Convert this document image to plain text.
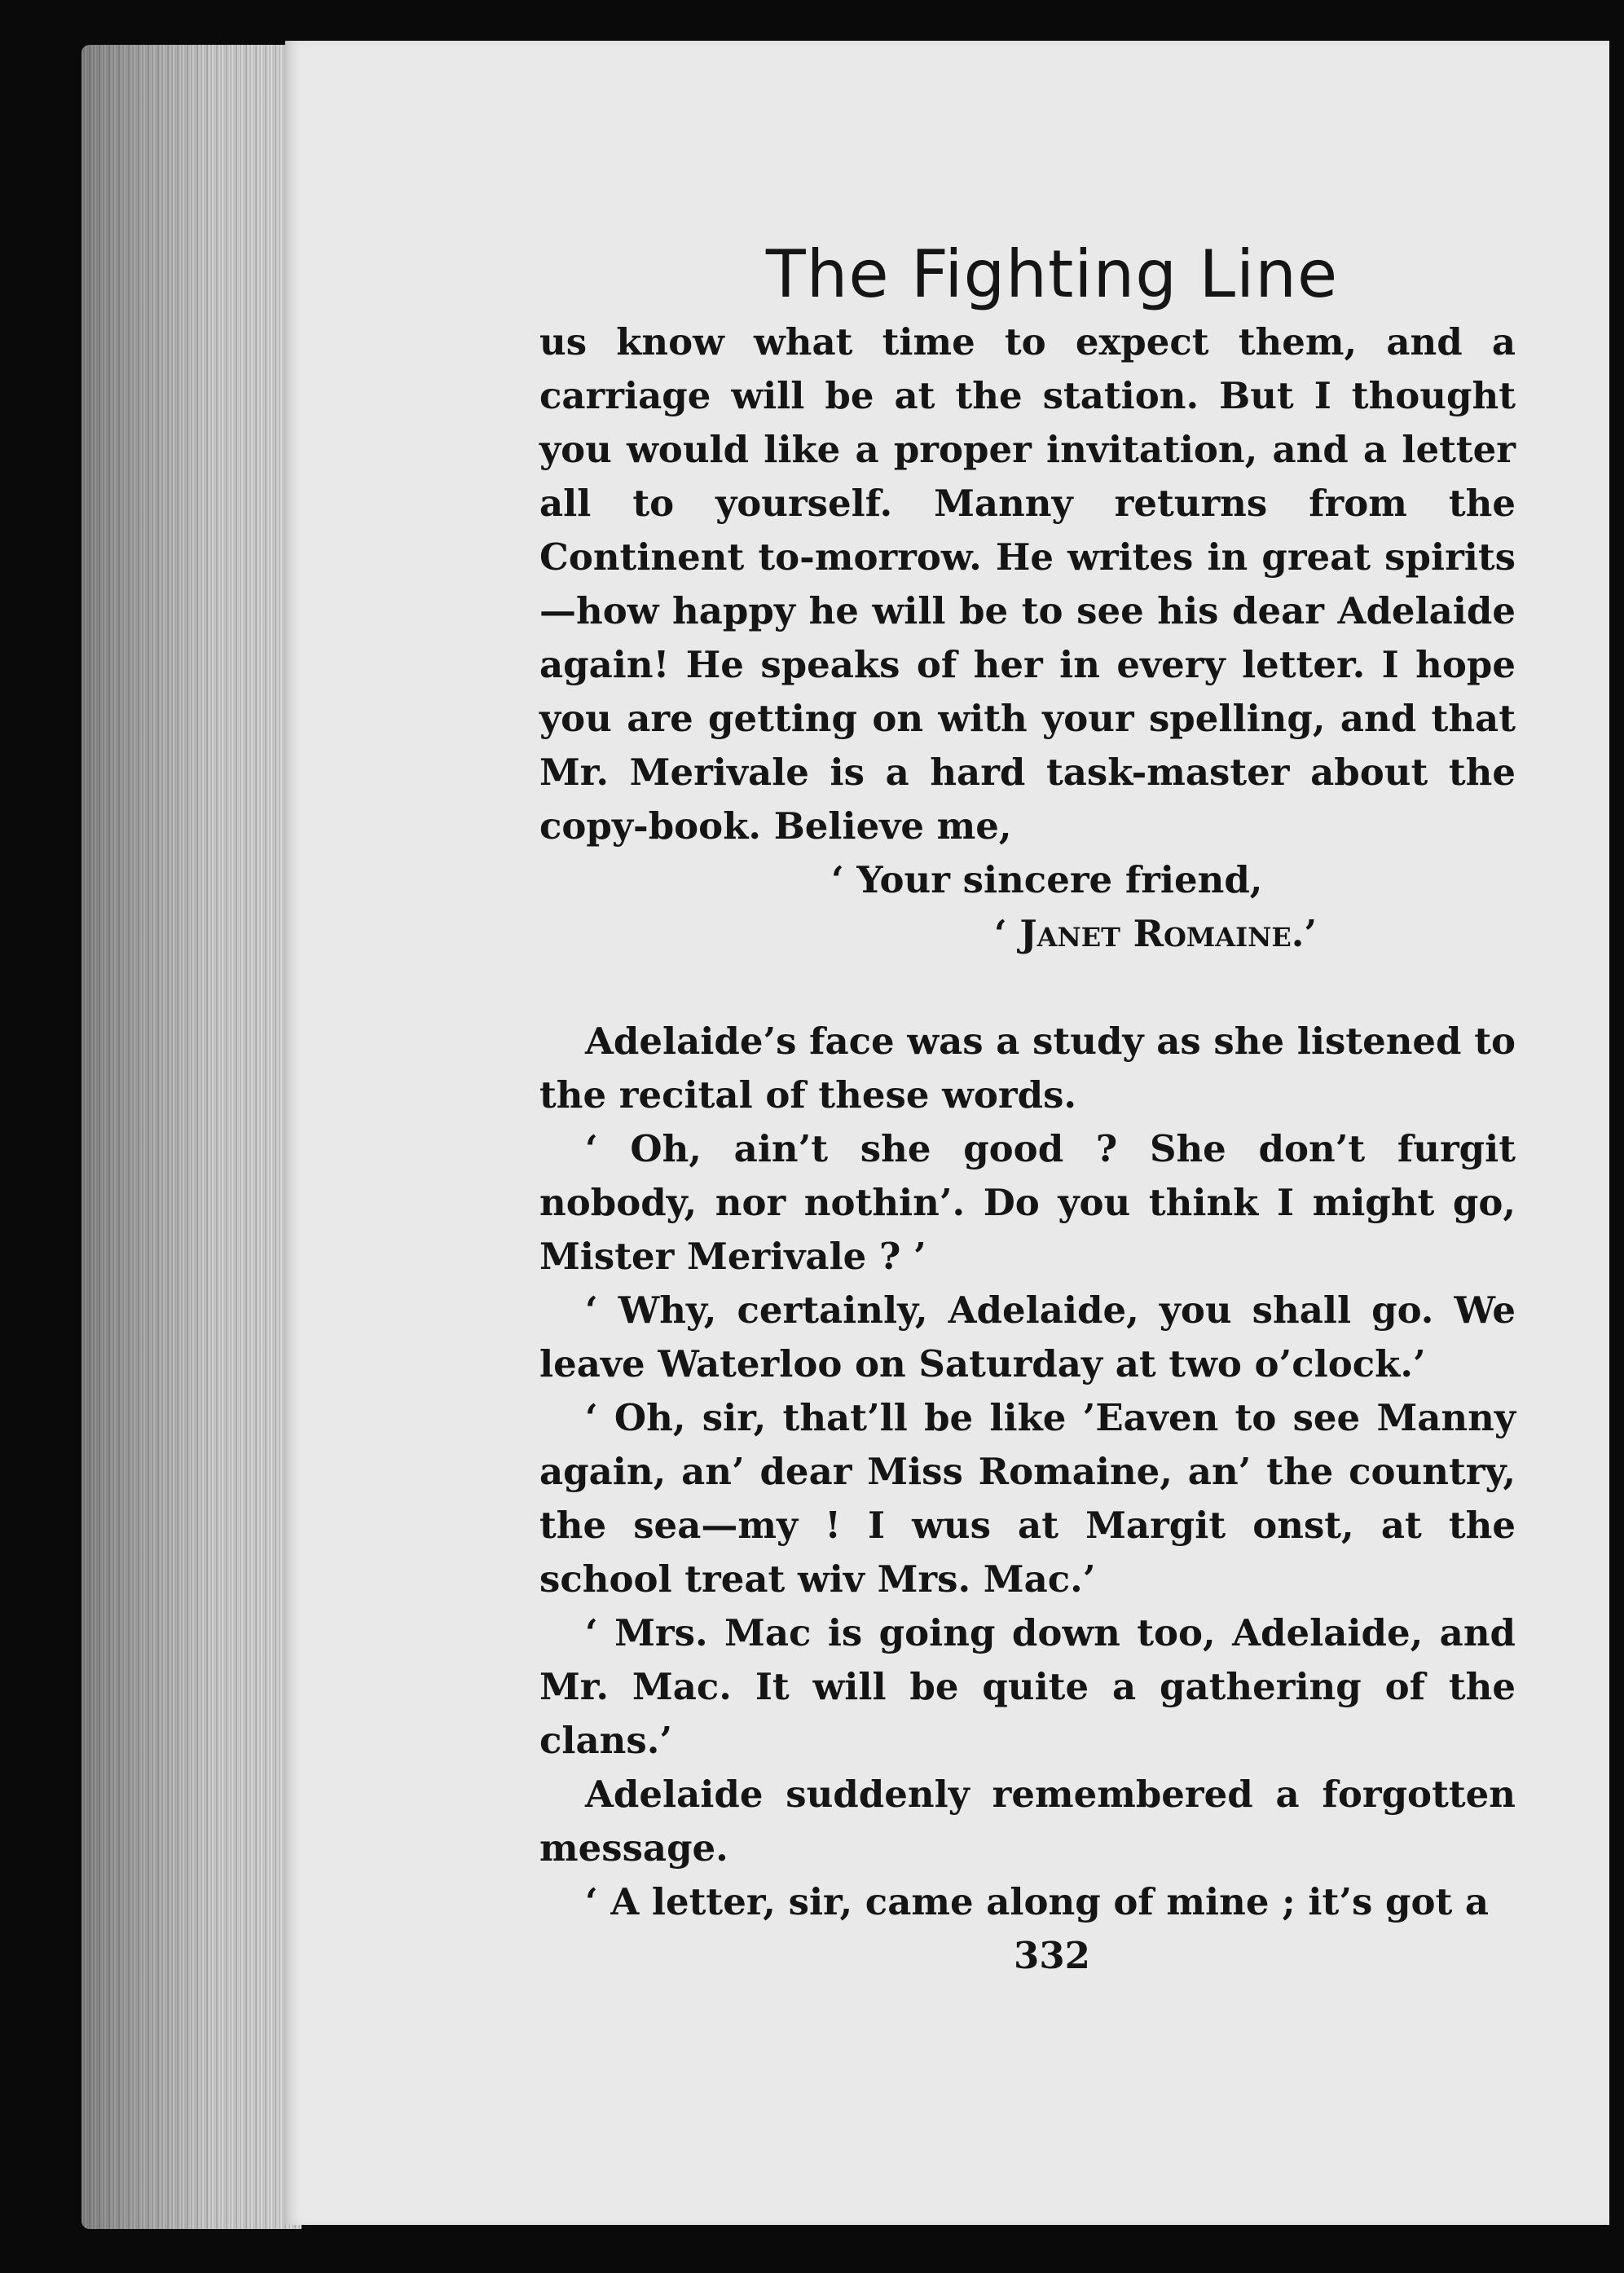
The Fighting Line

us know what time to expect them, and a carriage will be at the station. But I thought you would like a proper invitation, and a letter all to yourself. Manny returns from the Continent to-morrow. He writes in great spirits—how happy he will be to see his dear Adelaide again! He speaks of her in every letter. I hope you are getting on with your spelling, and that Mr. Merivale is a hard task-master about the copy-book. Believe me,

‘ Your sincere friend,

‘ Janet Romaine.’

Adelaide’s face was a study as she listened to the recital of these words.

‘ Oh, ain’t she good ? She don’t furgit nobody, nor nothin’. Do you think I might go, Mister Merivale ? ’

‘ Why, certainly, Adelaide, you shall go. We leave Waterloo on Saturday at two o’clock.’

‘ Oh, sir, that’ll be like ’Eaven to see Manny again, an’ dear Miss Romaine, an’ the country, the sea—my ! I wus at Margit onst, at the school treat wiv Mrs. Mac.’

‘ Mrs. Mac is going down too, Adelaide, and Mr. Mac. It will be quite a gathering of the clans.’

Adelaide suddenly remembered a forgotten message.

‘ A letter, sir, came along of mine ; it’s got a

332
